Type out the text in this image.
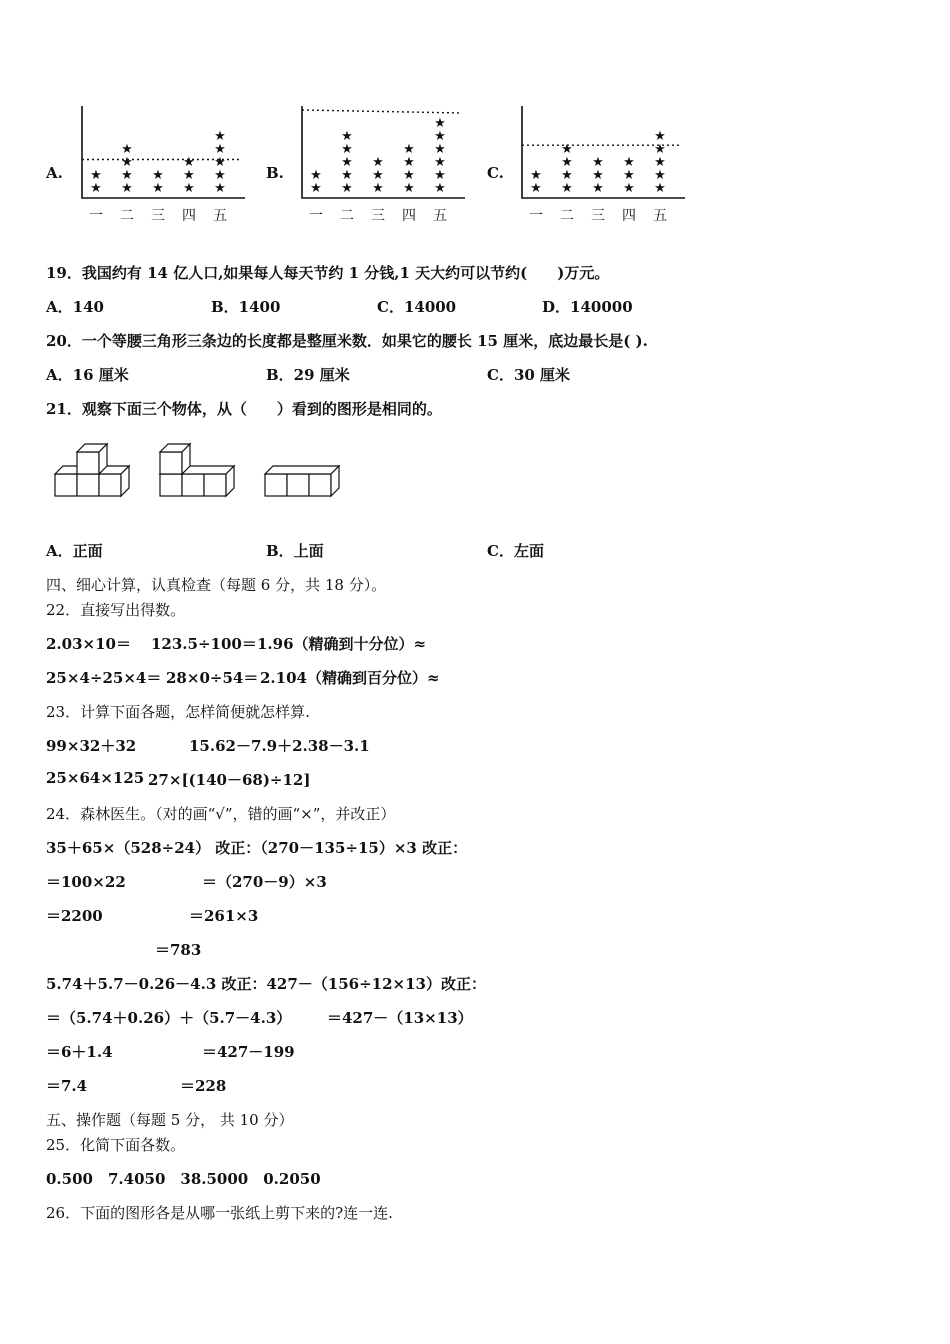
A.	B.	C.
★
★
一
★
★
★
★
二
★
★
三
★
★
★
四
★
★
★
★
★
五
★
★
一
★
★
★
★
★
二
★
★
★
三
★
★
★
★
四
★
★
★
★
★
★
五
★
★
一
★
★
★
★
二
★
★
★
三
★
★
★
四
★
★
★
★
★
五
19．我国约有 14 亿人口,如果每人每天节约 1 分钱,1 天大约可以节约(　　)万元。
A．140	B．1400	C．14000	D．140000
20．一个等腰三角形三条边的长度都是整厘米数．如果它的腰长 15 厘米，底边最长是( ).
A．16 厘米	B．29 厘米	C．30 厘米
21．观察下面三个物体，从（　　）看到的图形是相同的。
A．正面	B．上面	C．左面
四、细心计算，认真检查（每题 6 分，共 18 分）。
22．直接写出得数。
2.03×10＝ 123.5÷100＝ 1.96（精确到十分位）≈
25×4÷25×4＝ 28×0÷54＝ 2.104（精确到百分位）≈
23．计算下面各题，怎样简便就怎样算.
99×32＋32	15.62－7.9＋2.38－3.1
25×64×125 27×[(140－68)÷12]
24．森林医生。（对的画“√”，错的画“×”，并改正）
35＋65×（528÷24） 改正：（270－135÷15）×3 改正：
＝100×22	＝（270－9）×3
＝2200	＝261×3
＝783
5.74＋5.7－0.26－4.3 改正：427－（156÷12×13）改正：
＝（5.74＋0.26）＋（5.7－4.3） ＝427－（13×13）
＝6＋1.4	＝427－199
＝7.4	＝228
五、操作题（每题 5 分， 共 10 分）
25．化简下面各数。
0.500　7.4050　38.5000　0.2050
26．下面的图形各是从哪一张纸上剪下来的?连一连.
